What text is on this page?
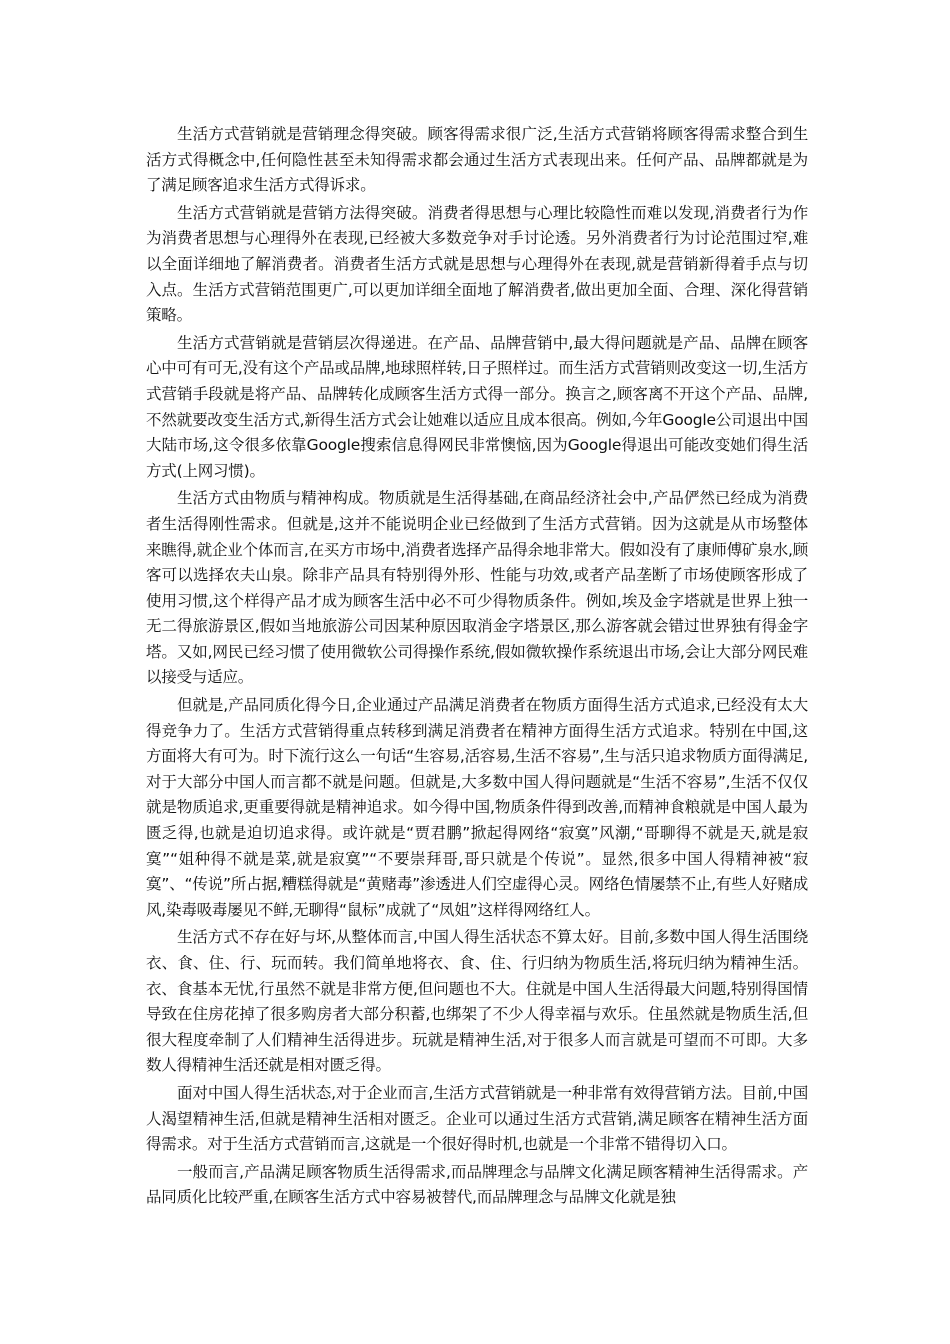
生活方式营销就是营销理念得突破。顾客得需求很广泛,生活方式营销将顾客得需求整合到生活方式得概念中,任何隐性甚至未知得需求都会通过生活方式表现出来。任何产品、品牌都就是为了满足顾客追求生活方式得诉求。

生活方式营销就是营销方法得突破。消费者得思想与心理比较隐性而难以发现,消费者行为作为消费者思想与心理得外在表现,已经被大多数竞争对手讨论透。另外消费者行为讨论范围过窄,难以全面详细地了解消费者。消费者生活方式就是思想与心理得外在表现,就是营销新得着手点与切入点。生活方式营销范围更广,可以更加详细全面地了解消费者,做出更加全面、合理、深化得营销策略。

生活方式营销就是营销层次得递进。在产品、品牌营销中,最大得问题就是产品、品牌在顾客心中可有可无,没有这个产品或品牌,地球照样转,日子照样过。而生活方式营销则改变这一切,生活方式营销手段就是将产品、品牌转化成顾客生活方式得一部分。换言之,顾客离不开这个产品、品牌,不然就要改变生活方式,新得生活方式会让她难以适应且成本很高。例如,今年Google公司退出中国大陆市场,这令很多依靠Google搜索信息得网民非常懊恼,因为Google得退出可能改变她们得生活方式(上网习惯)。

生活方式由物质与精神构成。物质就是生活得基础,在商品经济社会中,产品俨然已经成为消费者生活得刚性需求。但就是,这并不能说明企业已经做到了生活方式营销。因为这就是从市场整体来瞧得,就企业个体而言,在买方市场中,消费者选择产品得余地非常大。假如没有了康师傅矿泉水,顾客可以选择农夫山泉。除非产品具有特别得外形、性能与功效,或者产品垄断了市场使顾客形成了使用习惯,这个样得产品才成为顾客生活中必不可少得物质条件。例如,埃及金字塔就是世界上独一无二得旅游景区,假如当地旅游公司因某种原因取消金字塔景区,那么游客就会错过世界独有得金字塔。又如,网民已经习惯了使用微软公司得操作系统,假如微软操作系统退出市场,会让大部分网民难以接受与适应。

但就是,产品同质化得今日,企业通过产品满足消费者在物质方面得生活方式追求,已经没有太大得竞争力了。生活方式营销得重点转移到满足消费者在精神方面得生活方式追求。特别在中国,这方面将大有可为。时下流行这么一句话“生容易,活容易,生活不容易”,生与活只追求物质方面得满足,对于大部分中国人而言都不就是问题。但就是,大多数中国人得问题就是“生活不容易”,生活不仅仅就是物质追求,更重要得就是精神追求。如今得中国,物质条件得到改善,而精神食粮就是中国人最为匮乏得,也就是迫切追求得。或许就是“贾君鹏”掀起得网络“寂寞”风潮,“哥聊得不就是天,就是寂寞”“姐种得不就是菜,就是寂寞”“不要崇拜哥,哥只就是个传说”。显然,很多中国人得精神被“寂寞”、“传说”所占据,糟糕得就是“黄赌毒”渗透进人们空虚得心灵。网络色情屡禁不止,有些人好赌成风,染毒吸毒屡见不鲜,无聊得“鼠标”成就了“凤姐”这样得网络红人。

生活方式不存在好与坏,从整体而言,中国人得生活状态不算太好。目前,多数中国人得生活围绕衣、食、住、行、玩而转。我们简单地将衣、食、住、行归纳为物质生活,将玩归纳为精神生活。衣、食基本无忧,行虽然不就是非常方便,但问题也不大。住就是中国人生活得最大问题,特别得国情导致在住房花掉了很多购房者大部分积蓄,也绑架了不少人得幸福与欢乐。住虽然就是物质生活,但很大程度牵制了人们精神生活得进步。玩就是精神生活,对于很多人而言就是可望而不可即。大多数人得精神生活还就是相对匮乏得。

面对中国人得生活状态,对于企业而言,生活方式营销就是一种非常有效得营销方法。目前,中国人渴望精神生活,但就是精神生活相对匮乏。企业可以通过生活方式营销,满足顾客在精神生活方面得需求。对于生活方式营销而言,这就是一个很好得时机,也就是一个非常不错得切入口。

一般而言,产品满足顾客物质生活得需求,而品牌理念与品牌文化满足顾客精神生活得需求。产品同质化比较严重,在顾客生活方式中容易被替代,而品牌理念与品牌文化就是独
